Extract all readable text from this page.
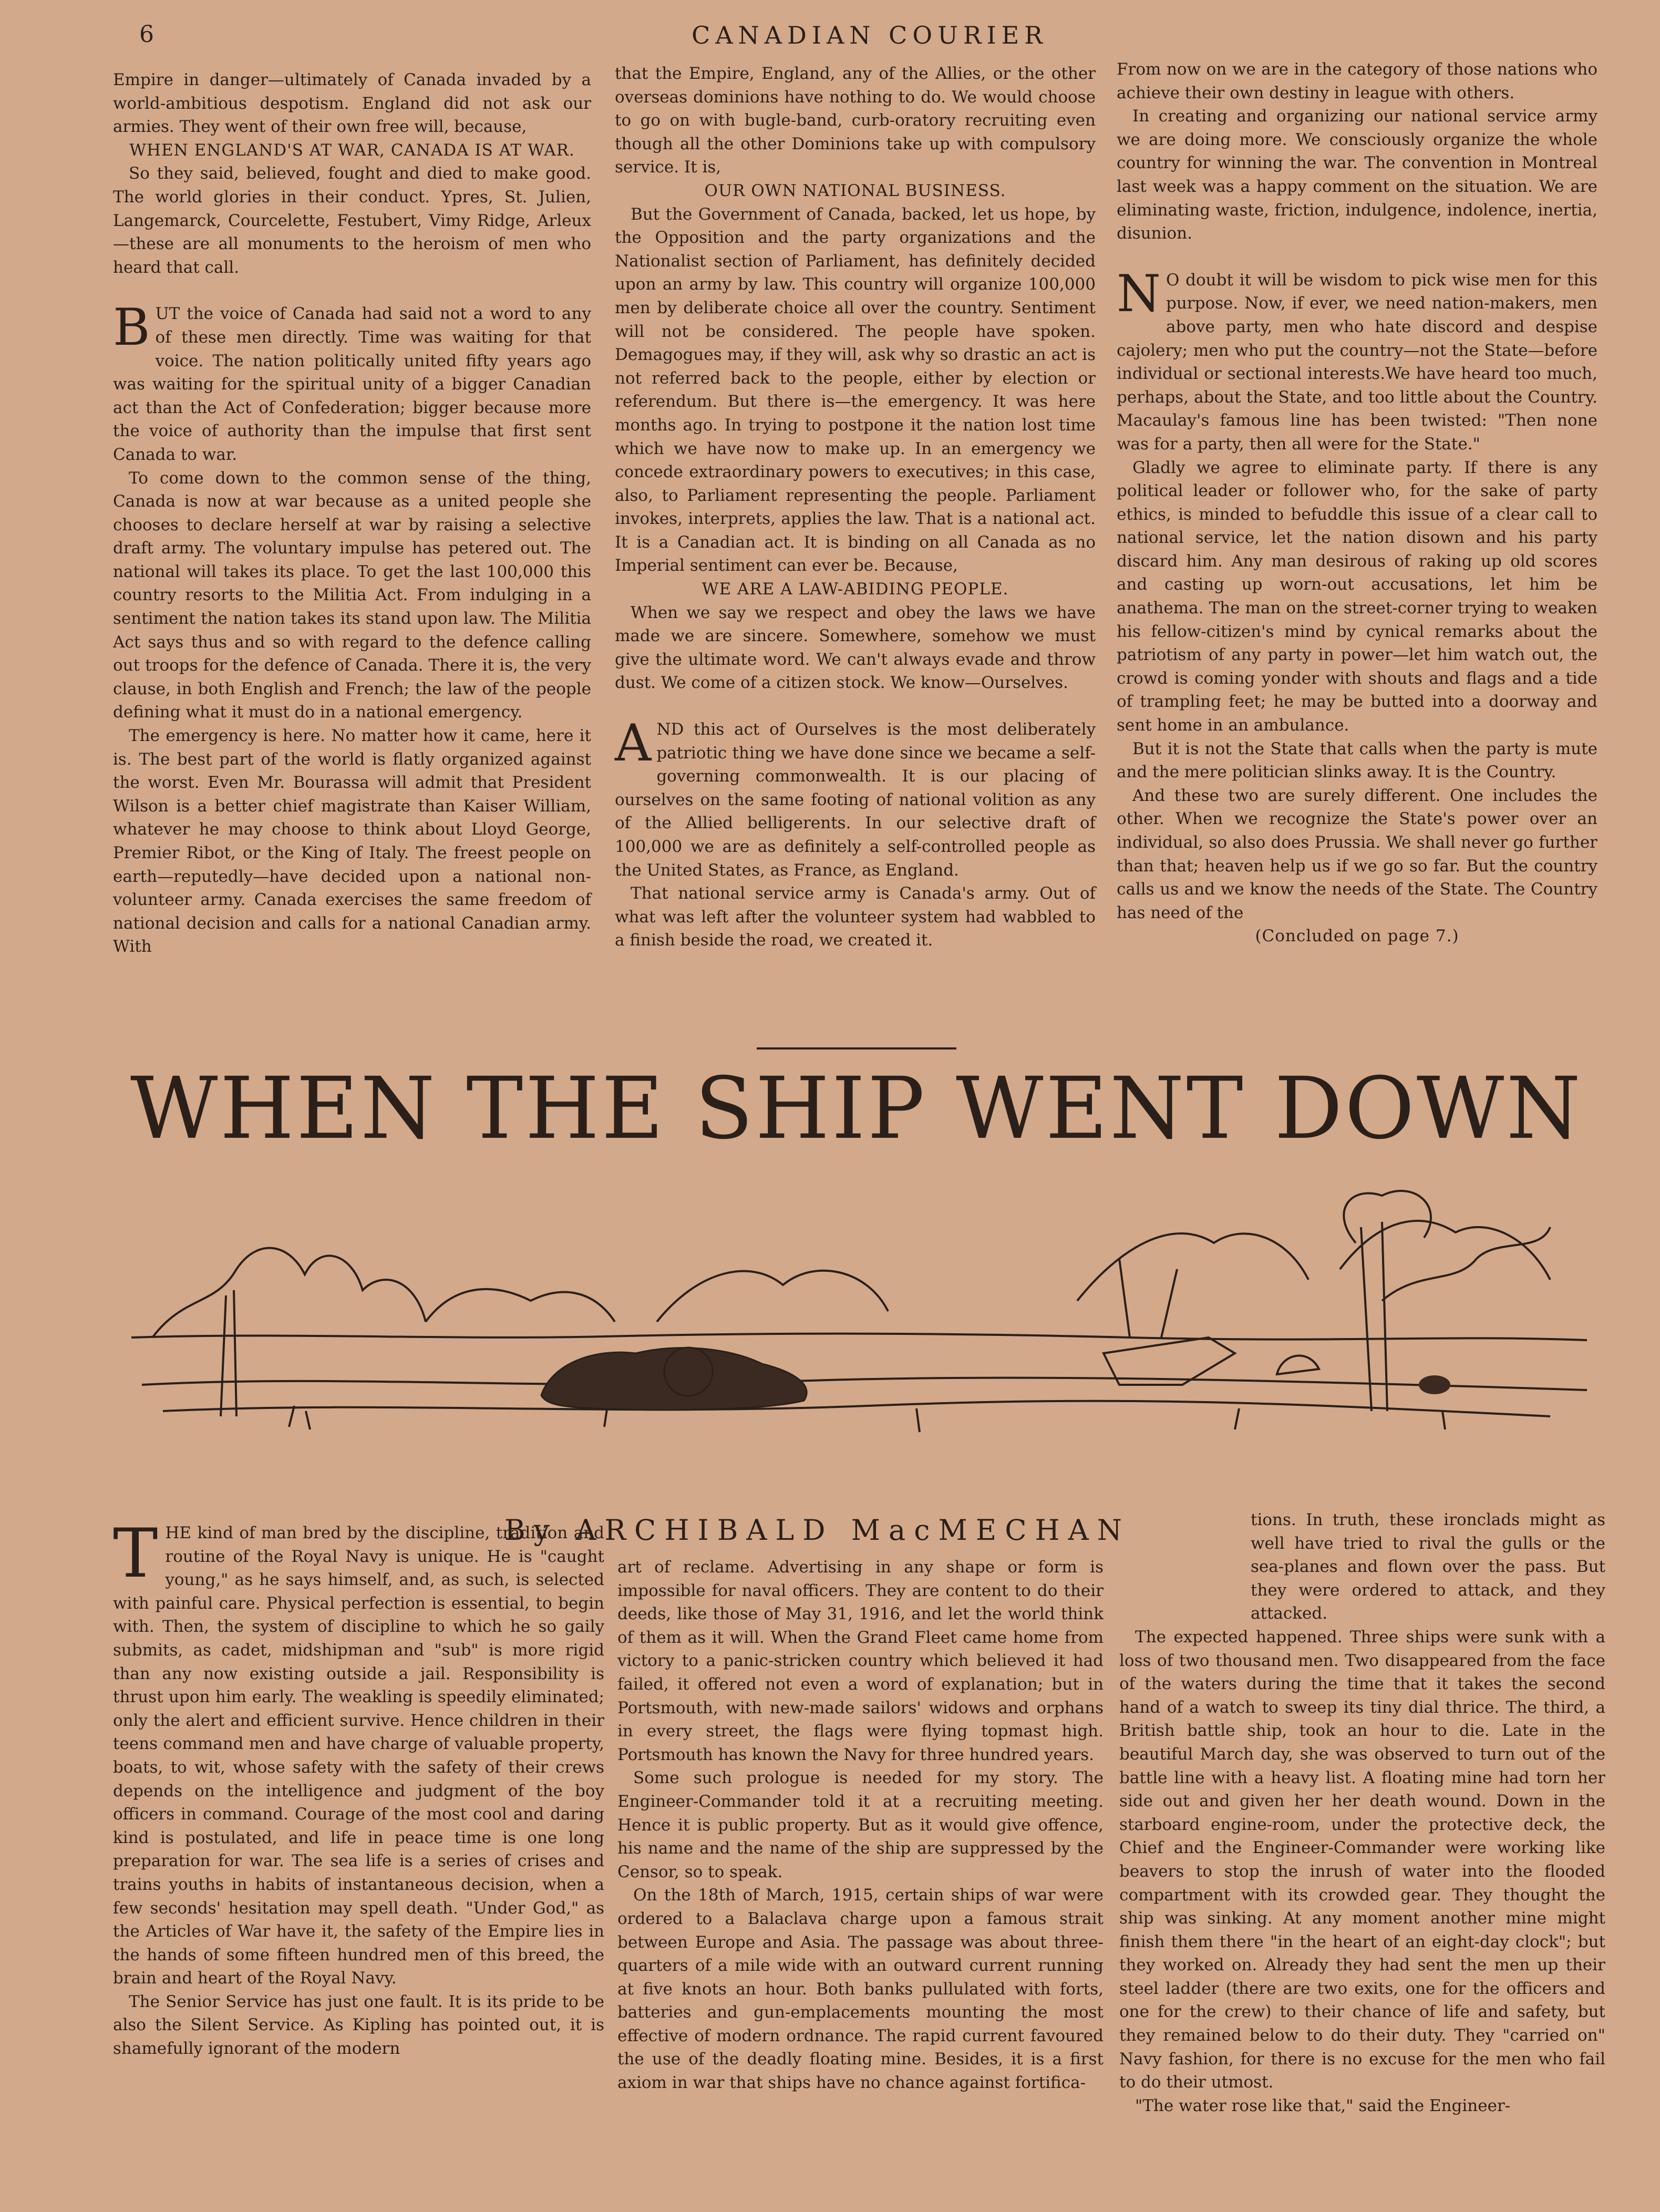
6	CANADIAN COURIER

Empire in danger—ultimately of Canada invaded by a world-ambitious despotism. England did not ask our armies. They went of their own free will, because,

WHEN ENGLAND'S AT WAR, CANADA IS AT WAR.

So they said, believed, fought and died to make good. The world glories in their conduct. Ypres, St. Julien, Langemarck, Courcelette, Festubert, Vimy Ridge, Arleux—these are all monuments to the heroism of men who heard that call.

BUT the voice of Canada had said not a word to any of these men directly. Time was waiting for that voice. The nation politically united fifty years ago was waiting for the spiritual unity of a bigger Canadian act than the Act of Confederation; bigger because more the voice of authority than the impulse that first sent Canada to war.

To come down to the common sense of the thing, Canada is now at war because as a united people she chooses to declare herself at war by raising a selective draft army. The voluntary impulse has petered out. The national will takes its place. To get the last 100,000 this country resorts to the Militia Act. From indulging in a sentiment the nation takes its stand upon law. The Militia Act says thus and so with regard to the defence calling out troops for the defence of Canada. There it is, the very clause, in both English and French; the law of the people defining what it must do in a national emergency.

The emergency is here. No matter how it came, here it is. The best part of the world is flatly organized against the worst. Even Mr. Bourassa will admit that President Wilson is a better chief magistrate than Kaiser William, whatever he may choose to think about Lloyd George, Premier Ribot, or the King of Italy. The freest people on earth—reputedly—have decided upon a national non-volunteer army. Canada exercises the same freedom of national decision and calls for a national Canadian army. With

that the Empire, England, any of the Allies, or the other overseas dominions have nothing to do. We would choose to go on with bugle-band, curb-oratory recruiting even though all the other Dominions take up with compulsory service. It is,

OUR OWN NATIONAL BUSINESS.

But the Government of Canada, backed, let us hope, by the Opposition and the party organizations and the Nationalist section of Parliament, has definitely decided upon an army by law. This country will organize 100,000 men by deliberate choice all over the country. Sentiment will not be considered. The people have spoken. Demagogues may, if they will, ask why so drastic an act is not referred back to the people, either by election or referendum. But there is—the emergency. It was here months ago. In trying to postpone it the nation lost time which we have now to make up. In an emergency we concede extraordinary powers to executives; in this case, also, to Parliament representing the people. Parliament invokes, interprets, applies the law. That is a national act. It is a Canadian act. It is binding on all Canada as no Imperial sentiment can ever be. Because,

WE ARE A LAW-ABIDING PEOPLE.

When we say we respect and obey the laws we have made we are sincere. Somewhere, somehow we must give the ultimate word. We can't always evade and throw dust. We come of a citizen stock. We know—Ourselves.

AND this act of Ourselves is the most deliberately patriotic thing we have done since we became a self-governing commonwealth. It is our placing of ourselves on the same footing of national volition as any of the Allied belligerents. In our selective draft of 100,000 we are as definitely a self-controlled people as the United States, as France, as England.

That national service army is Canada's army. Out of what was left after the volunteer system had wabbled to a finish beside the road, we created it.

From now on we are in the category of those nations who achieve their own destiny in league with others.

In creating and organizing our national service army we are doing more. We consciously organize the whole country for winning the war. The convention in Montreal last week was a happy comment on the situation. We are eliminating waste, friction, indulgence, indolence, inertia, disunion.

N O doubt it will be wisdom to pick wise men for this purpose. Now, if ever, we need nation-makers, men above party, men who hate discord and despise cajolery; men who put the country—not the State—before individual or sectional interests.We have heard too much, perhaps, about the State, and too little about the Country. Macaulay's famous line has been twisted: "Then none was for a party, then all were for the State."

Gladly we agree to eliminate party. If there is any political leader or follower who, for the sake of party ethics, is minded to befuddle this issue of a clear call to national service, let the nation disown and his party discard him. Any man desirous of raking up old scores and casting up worn-out accusations, let him be anathema. The man on the street-corner trying to weaken his fellow-citizen's mind by cynical remarks about the patriotism of any party in power—let him watch out, the crowd is coming yonder with shouts and flags and a tide of trampling feet; he may be butted into a doorway and sent home in an ambulance.

But it is not the State that calls when the party is mute and the mere politician slinks away. It is the Country.

And these two are surely different. One includes the other. When we recognize the State's power over an individual, so also does Prussia. We shall never go further than that; heaven help us if we go so far. But the country calls us and we know the needs of the State. The Country has need of the

(Concluded on page 7.)

WHEN THE SHIP WENT DOWN
By ARCHIBALD MacMECHAN

THE kind of man bred by the discipline, tradition and routine of the Royal Navy is unique. He is "caught young," as he says himself, and, as such, is selected with painful care. Physical perfection is essential, to begin with. Then, the system of discipline to which he so gaily submits, as cadet, midshipman and "sub" is more rigid than any now existing outside a jail. Responsibility is thrust upon him early. The weakling is speedily eliminated; only the alert and efficient survive. Hence children in their teens command men and have charge of valuable property, boats, to wit, whose safety with the safety of their crews depends on the intelligence and judgment of the boy officers in command. Courage of the most cool and daring kind is postulated, and life in peace time is one long preparation for war. The sea life is a series of crises and trains youths in habits of instantaneous decision, when a few seconds' hesitation may spell death. "Under God," as the Articles of War have it, the safety of the Empire lies in the hands of some fifteen hundred men of this breed, the brain and heart of the Royal Navy.

The Senior Service has just one fault. It is its pride to be also the Silent Service. As Kipling has pointed out, it is shamefully ignorant of the modern

art of reclame. Advertising in any shape or form is impossible for naval officers. They are content to do their deeds, like those of May 31, 1916, and let the world think of them as it will. When the Grand Fleet came home from victory to a panic-stricken country which believed it had failed, it offered not even a word of explanation; but in Portsmouth, with new-made sailors' widows and orphans in every street, the flags were flying topmast high. Portsmouth has known the Navy for three hundred years.

Some such prologue is needed for my story. The Engineer-Commander told it at a recruiting meeting. Hence it is public property. But as it would give offence, his name and the name of the ship are suppressed by the Censor, so to speak.

On the 18th of March, 1915, certain ships of war were ordered to a Balaclava charge upon a famous strait between Europe and Asia. The passage was about three-quarters of a mile wide with an outward current running at five knots an hour. Both banks pullulated with forts, batteries and gun-emplacements mounting the most effective of modern ordnance. The rapid current favoured the use of the deadly floating mine. Besides, it is a first axiom in war that ships have no chance against fortifica-

tions. In truth, these ironclads might as well have tried to rival the gulls or the sea-planes and flown over the pass. But they were ordered to attack, and they attacked.

The expected happened. Three ships were sunk with a loss of two thousand men. Two disappeared from the face of the waters during the time that it takes the second hand of a watch to sweep its tiny dial thrice. The third, a British battle ship, took an hour to die. Late in the beautiful March day, she was observed to turn out of the battle line with a heavy list. A floating mine had torn her side out and given her her death wound. Down in the starboard engine-room, under the protective deck, the Chief and the Engineer-Commander were working like beavers to stop the inrush of water into the flooded compartment with its crowded gear. They thought the ship was sinking. At any moment another mine might finish them there "in the heart of an eight-day clock"; but they worked on. Already they had sent the men up their steel ladder (there are two exits, one for the officers and one for the crew) to their chance of life and safety, but they remained below to do their duty. They "carried on" Navy fashion, for there is no excuse for the men who fail to do their utmost.

"The water rose like that," said the Engineer-
